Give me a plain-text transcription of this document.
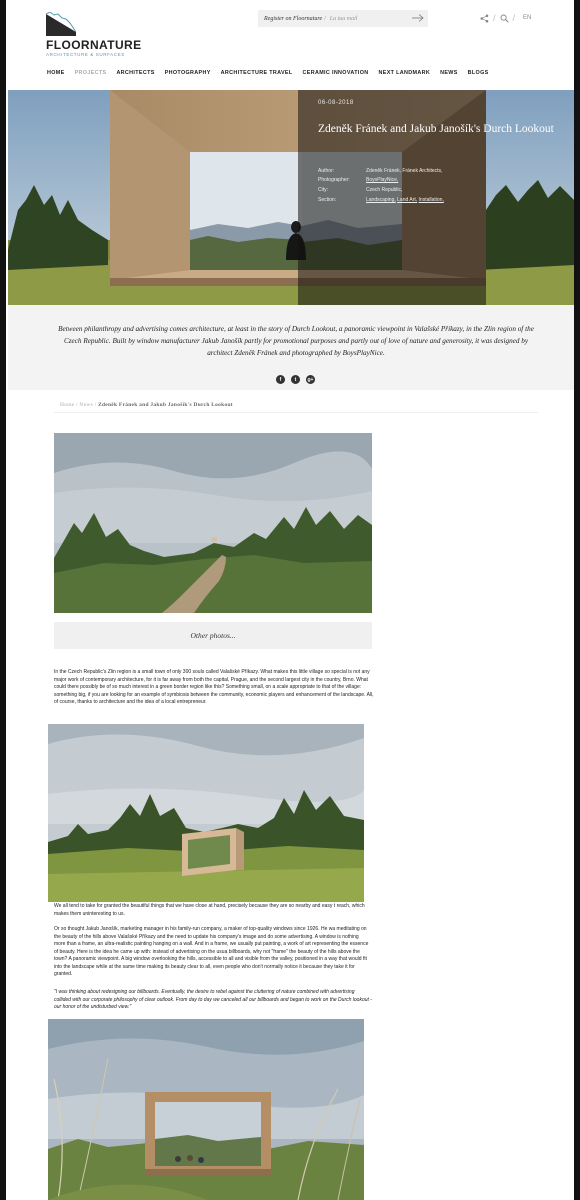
FLOORNATURE
ARCHITECTURE & SURFACES
Register on Floornature / La tua mail	/ / EN
HOME PROJECTS ARCHITECTS PHOTOGRAPHY ARCHITECTURE TRAVEL CERAMIC INNOVATION NEXT LANDMARK NEWS BLOGS
06-08-2018
Zdeněk Fránek and Jakub Janošík's Durch Lookout
Author:	Zdeněk Fránek, Fránek Architects,
Photographer:	BoysPlayNice,
City:	Czech Republic,
Section:	Landscaping, Land Art, Installation,

Between philanthropy and advertising comes architecture, at least in the story of Durch Lookout, a panoramic viewpoint in Valašské Příkazy, in the Zlin region of the Czech Republic. Built by window manufacturer Jakub Janošík partly for promotional purposes and partly out of love of nature and generosity, it was designed by architect Zdeněk Fránek and photographed by BoysPlayNice.

f	t	g+
Home / News / Zdeněk Fránek and Jakub Janošík's Durch Lookout
Other photos...
In the Czech Republic's Zlin region is a small town of only 300 souls called Valašské Příkazy. What makes this little village so special is not any major work of contemporary architecture, for it is far away from both the capital, Prague, and the second largest city in the country, Brno. What could there possibly be of so much interest in a green border region like this? Something small, on a scale appropriate to that of the village: something big, if you are looking for an example of symbiosis between the community, economic players and enhancement of the landscape. All, of course, thanks to architecture and the idea of a local entrepreneur.
We all tend to take for granted the beautiful things that we have close at hand, precisely because they are so nearby and easy t reach, which makes them uninteresting to us.
Or so thought Jakub Janošík, marketing manager in his family-run company, a maker of top-quality windows since 1926. He wa meditating on the beauty of the hills above Valašské Příkazy and the need to update his company's image and do some advertising. A window is nothing more than a frame, an ultra-realistic painting hanging on a wall. And in a frame, we usually put painting, a work of art representing the essence of beauty. Here is the idea he came up with: instead of advertising on the usua billboards, why not "frame" the beauty of the hills above the town? A panoramic viewpoint. A big window overlooking the hills, accessible to all and visible from the valley, positioned in a way that would fit into the landscape while at the same time making its beauty clear to all, even people who don't normally notice it because they take it for granted.
"I was thinking about redesigning our billboards. Eventually, the desire to rebel against the cluttering of nature combined with advertising collided with our corporate philosophy of clear outlook. From day to day we canceled all our billboards and began to work on the Durch lookout - our honor of the undisturbed view."
